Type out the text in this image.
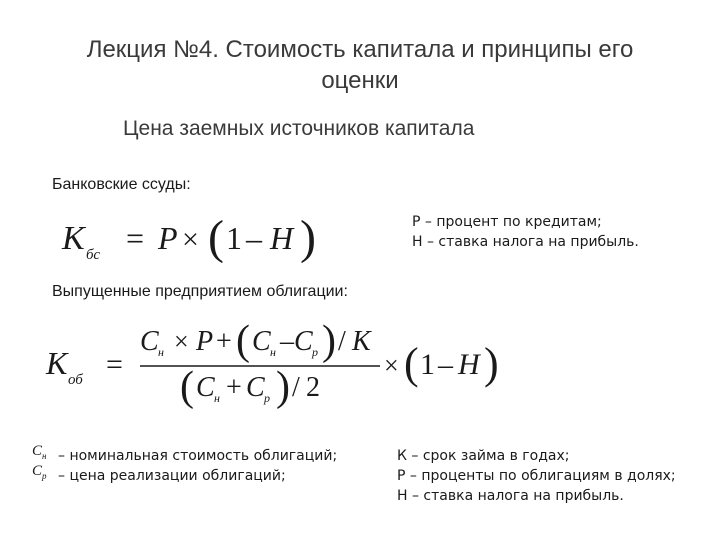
Лекция №4. Стоимость капитала и принципы его оценки
Цена заемных источников капитала
Банковские ссуды:
К бс = P × ( 1 – H )	Р – процент по кредитам;
Н – ставка налога на прибыль.
Выпущенные предприятием облигации:
К об =
C н × P + ( C н – C р ) / К
( C н + C р ) / 2
× ( 1 – H )
$C_н$ – номинальная стоимость облигаций;
$C_р$ – цена реализации облигаций;
К – срок займа в годах;
Р – проценты по облигациям в долях;
Н – ставка налога на прибыль.
